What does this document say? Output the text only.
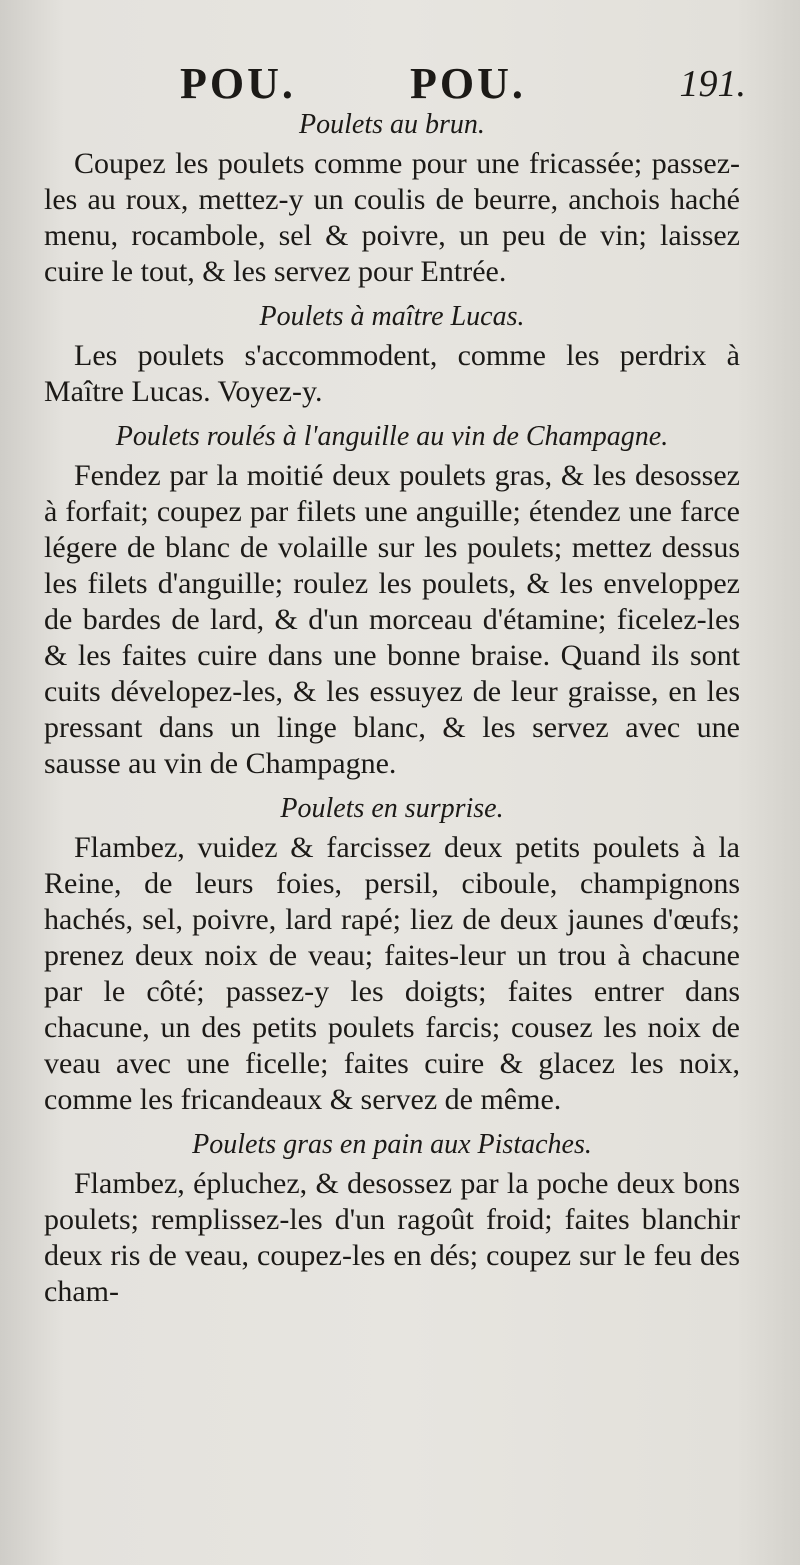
POU.	POU.	191.
Poulets au brun.

Coupez les poulets comme pour une fricassée; passez-les au roux, mettez-y un coulis de beurre, anchois haché menu, rocambole, sel & poivre, un peu de vin; laissez cuire le tout, & les servez pour Entrée.

Poulets à maître Lucas.

Les poulets s'accommodent, comme les perdrix à Maître Lucas. Voyez-y.

Poulets roulés à l'anguille au vin de Champagne.

Fendez par la moitié deux poulets gras, & les desossez à forfait; coupez par filets une anguille; étendez une farce légere de blanc de volaille sur les poulets; mettez dessus les filets d'anguille; roulez les poulets, & les enveloppez de bardes de lard, & d'un morceau d'étamine; ficelez-les & les faites cuire dans une bonne braise. Quand ils sont cuits dévelopez-les, & les essuyez de leur graisse, en les pressant dans un linge blanc, & les servez avec une sausse au vin de Champagne.

Poulets en surprise.

Flambez, vuidez & farcissez deux petits poulets à la Reine, de leurs foies, persil, ciboule, champignons hachés, sel, poivre, lard rapé; liez de deux jaunes d'œufs; prenez deux noix de veau; faites-leur un trou à chacune par le côté; passez-y les doigts; faites entrer dans chacune, un des petits poulets farcis; cousez les noix de veau avec une ficelle; faites cuire & glacez les noix, comme les fricandeaux & servez de même.

Poulets gras en pain aux Pistaches.

Flambez, épluchez, & desossez par la poche deux bons poulets; remplissez-les d'un ragoût froid; faites blanchir deux ris de veau, coupez-les en dés; coupez sur le feu des cham-
